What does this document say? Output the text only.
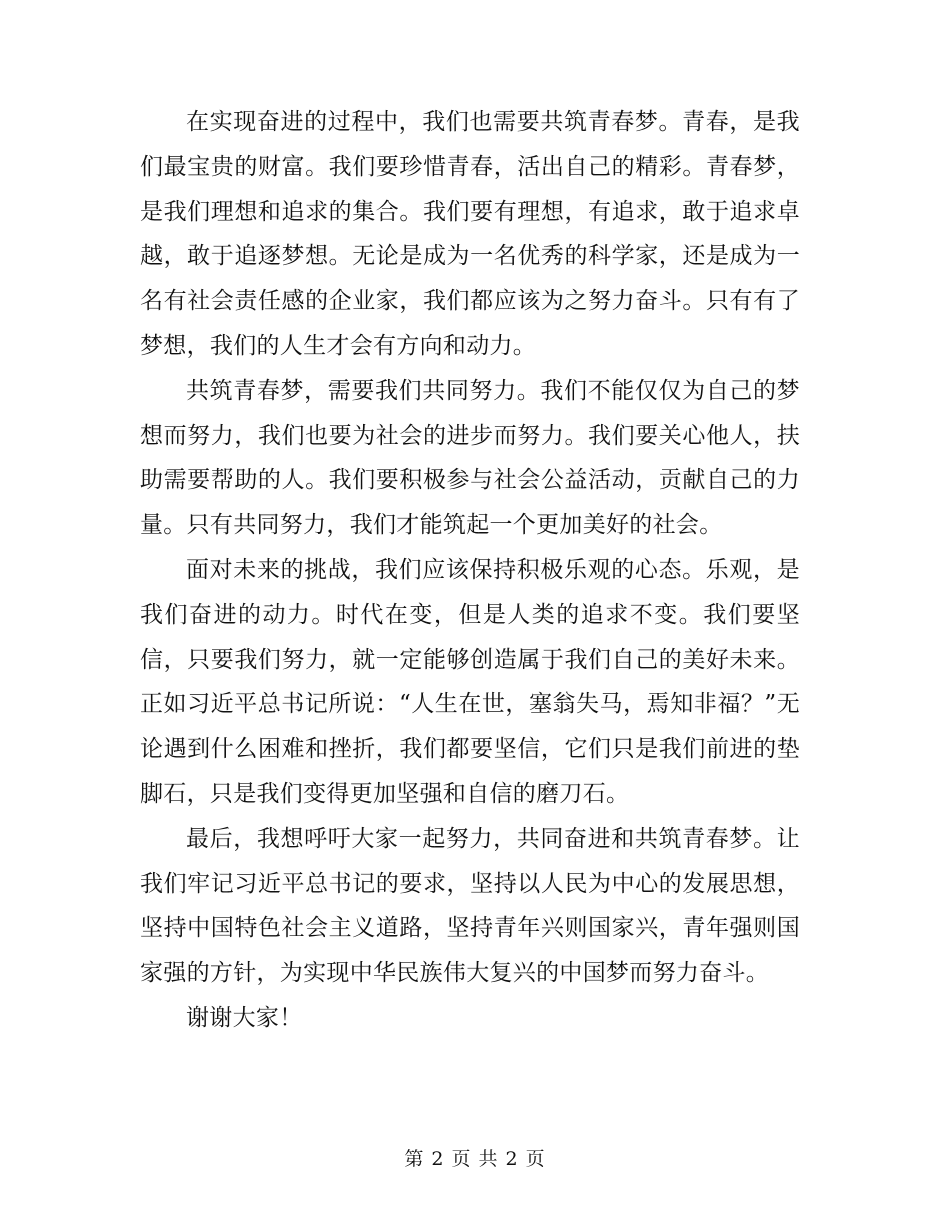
在实现奋进的过程中，我们也需要共筑青春梦。青春，是我们最宝贵的财富。我们要珍惜青春，活出自己的精彩。青春梦，是我们理想和追求的集合。我们要有理想，有追求，敢于追求卓越，敢于追逐梦想。无论是成为一名优秀的科学家，还是成为一名有社会责任感的企业家，我们都应该为之努力奋斗。只有有了梦想，我们的人生才会有方向和动力。

共筑青春梦，需要我们共同努力。我们不能仅仅为自己的梦想而努力，我们也要为社会的进步而努力。我们要关心他人，扶助需要帮助的人。我们要积极参与社会公益活动，贡献自己的力量。只有共同努力，我们才能筑起一个更加美好的社会。

面对未来的挑战，我们应该保持积极乐观的心态。乐观，是我们奋进的动力。时代在变，但是人类的追求不变。我们要坚信，只要我们努力，就一定能够创造属于我们自己的美好未来。正如习近平总书记所说：“人生在世，塞翁失马，焉知非福？”无论遇到什么困难和挫折，我们都要坚信，它们只是我们前进的垫脚石，只是我们变得更加坚强和自信的磨刀石。

最后，我想呼吁大家一起努力，共同奋进和共筑青春梦。让我们牢记习近平总书记的要求，坚持以人民为中心的发展思想，坚持中国特色社会主义道路，坚持青年兴则国家兴，青年强则国家强的方针，为实现中华民族伟大复兴的中国梦而努力奋斗。

谢谢大家！

第 2 页 共 2 页
